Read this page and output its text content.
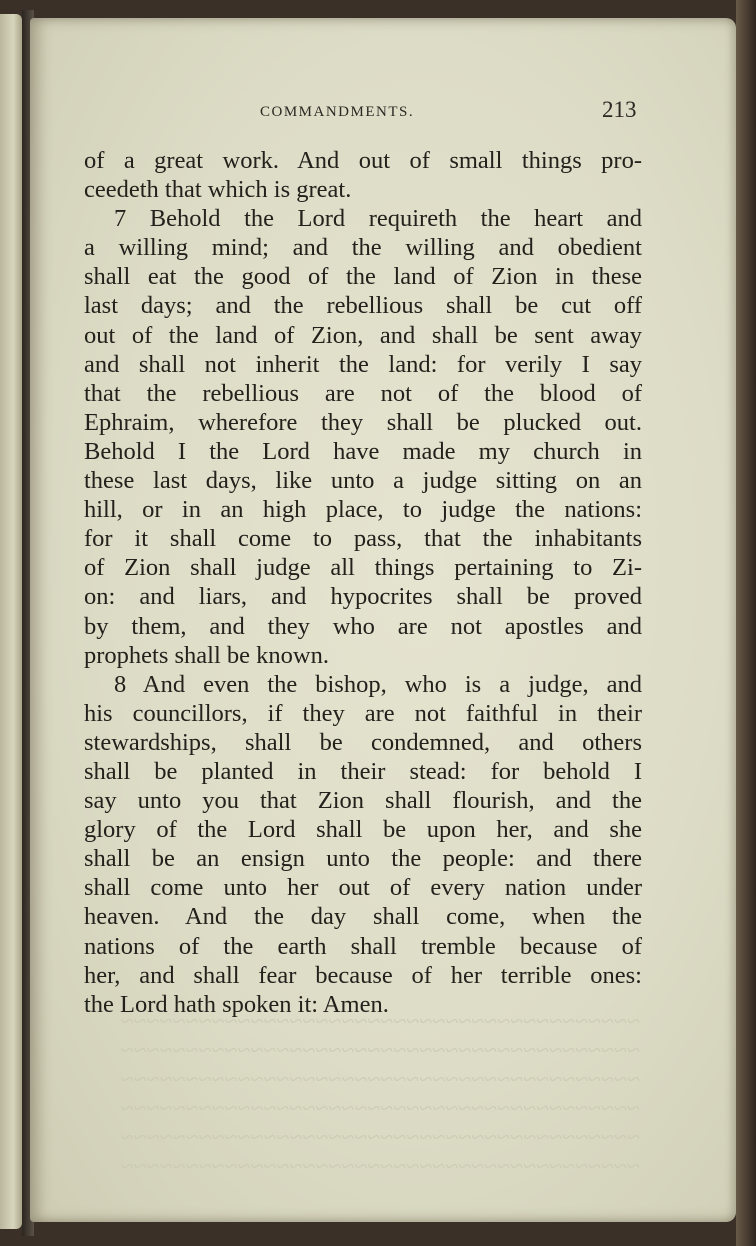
~~~~~~~~~~~~~~~~~~~~~~~~~~~~~~~~~~~~~~~~
~~~~~~~~~~~~~~~~~~~~~~~~~~~~~~~~~~~~~~~~
~~~~~~~~~~~~~~~~~~~~~~~~~~~~~~~~~~~~~~~~
~~~~~~~~~~~~~~~~~~~~~~~~~~~~~~~~~~~~~~~~
~~~~~~~~~~~~~~~~~~~~~~~~~~~~~~~~~~~~~~~~
~~~~~~~~~~~~~~~~~~~~~~~~~~~~~~~~~~~~~~~~
COMMANDMENTS.	213
of a great work. And out of small things pro-
ceedeth that which is great.
7 Behold the Lord requireth the heart and
a willing mind; and the willing and obedient
shall eat the good of the land of Zion in these
last days; and the rebellious shall be cut off
out of the land of Zion, and shall be sent away
and shall not inherit the land: for verily I say
that the rebellious are not of the blood of
Ephraim, wherefore they shall be plucked out.
Behold I the Lord have made my church in
these last days, like unto a judge sitting on an
hill, or in an high place, to judge the nations:
for it shall come to pass, that the inhabitants
of Zion shall judge all things pertaining to Zi-
on: and liars, and hypocrites shall be proved
by them, and they who are not apostles and
prophets shall be known.
8 And even the bishop, who is a judge, and
his councillors, if they are not faithful in their
stewardships, shall be condemned, and others
shall be planted in their stead: for behold I
say unto you that Zion shall flourish, and the
glory of the Lord shall be upon her, and she
shall be an ensign unto the people: and there
shall come unto her out of every nation under
heaven. And the day shall come, when the
nations of the earth shall tremble because of
her, and shall fear because of her terrible ones:
the Lord hath spoken it: Amen.
